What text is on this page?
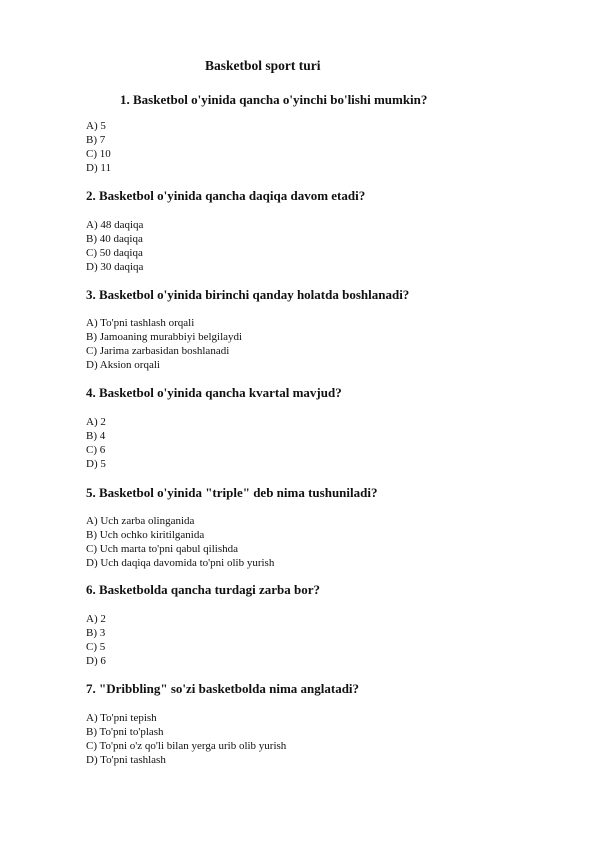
Basketbol sport turi
1. Basketbol o'yinida qancha o'yinchi bo'lishi mumkin?
A) 5
B) 7
C) 10
D) 11
2. Basketbol o'yinida qancha daqiqa davom etadi?
A) 48 daqiqa
B) 40 daqiqa
C) 50 daqiqa
D) 30 daqiqa
3. Basketbol o'yinida birinchi qanday holatda boshlanadi?
A) To'pni tashlash orqali
B) Jamoaning murabbiyi belgilaydi
C) Jarima zarbasidan boshlanadi
D) Aksion orqali
4. Basketbol o'yinida qancha kvartal mavjud?
A) 2
B) 4
C) 6
D) 5
5. Basketbol o'yinida "triple" deb nima tushuniladi?
A) Uch zarba olinganida
B) Uch ochko kiritilganida
C) Uch marta to'pni qabul qilishda
D) Uch daqiqa davomida to'pni olib yurish
6. Basketbolda qancha turdagi zarba bor?
A) 2
B) 3
C) 5
D) 6
7. "Dribbling" so'zi basketbolda nima anglatadi?
A) To'pni tepish
B) To'pni to'plash
C) To'pni o'z qo'li bilan yerga urib olib yurish
D) To'pni tashlash
